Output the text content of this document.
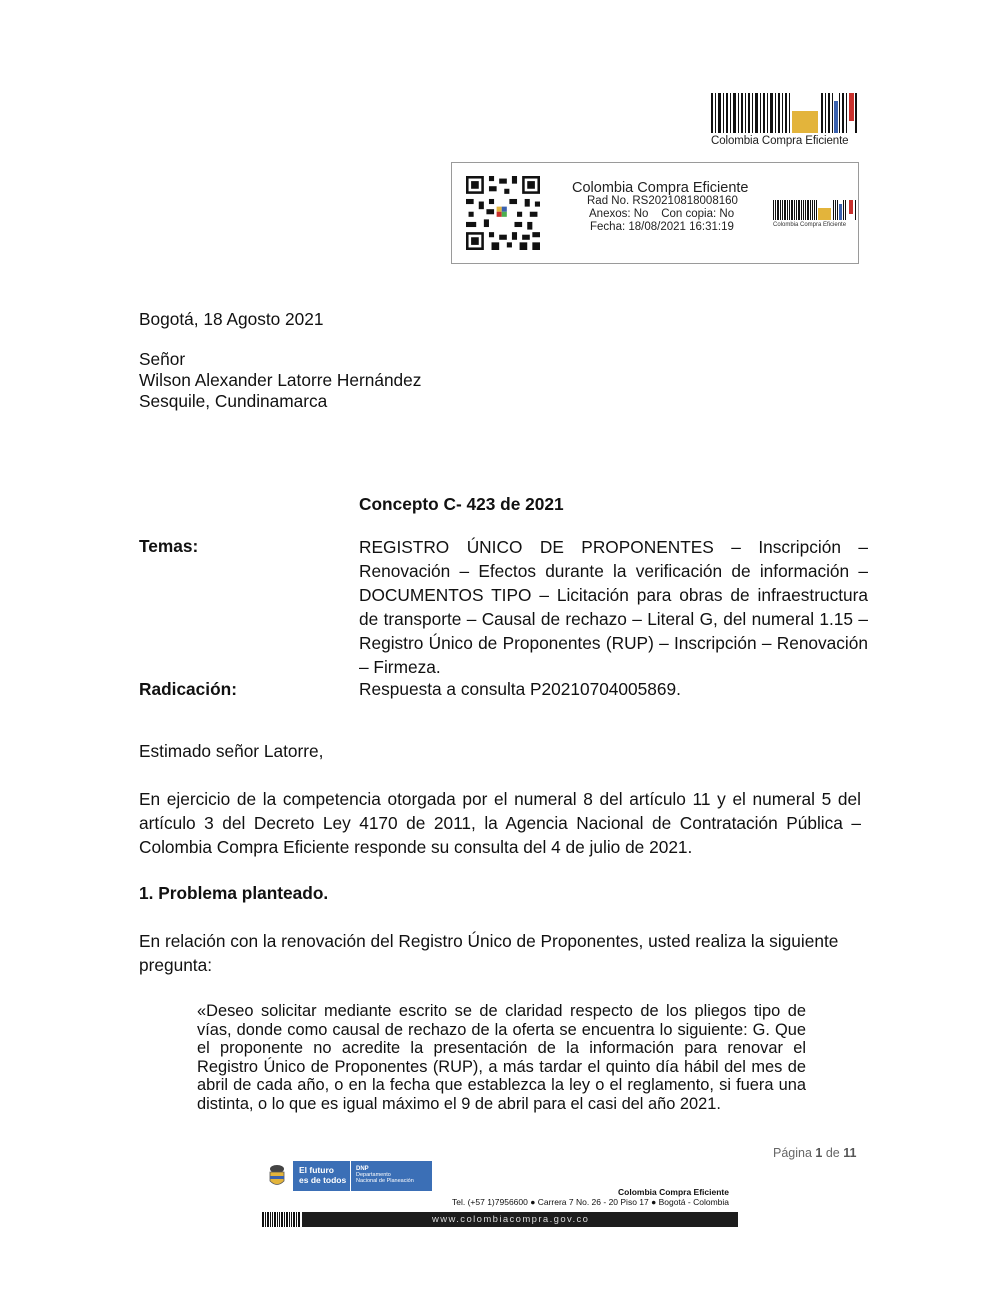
Colombia Compra Eficiente
Colombia Compra Eficiente
Rad No. RS20210818008160
Anexos: No    Con copia: No
Fecha: 18/08/2021 16:31:19	Colombia Compra Eficiente
Bogotá, 18 Agosto 2021
Señor
Wilson Alexander Latorre Hernández
Sesquile, Cundinamarca
Concepto C- 423 de 2021
Temas:	REGISTRO ÚNICO DE PROPONENTES – Inscripción – Renovación – Efectos durante la verificación de información – DOCUMENTOS TIPO – Licitación para obras de infraestructura de transporte – Causal de rechazo – Literal G, del numeral 1.15 – Registro Único de Proponentes (RUP) – Inscripción – Renovación – Firmeza.
Radicación:	Respuesta a consulta P20210704005869.
Estimado señor Latorre,
En ejercicio de la competencia otorgada por el numeral 8 del artículo 11 y el numeral 5 del artículo 3 del Decreto Ley 4170 de 2011, la Agencia Nacional de Contratación Pública – Colombia Compra Eficiente responde su consulta del 4 de julio de 2021.
1. Problema planteado.
En relación con la renovación del Registro Único de Proponentes, usted realiza la siguiente pregunta:
«Deseo solicitar mediante escrito se de claridad respecto de los pliegos tipo de vías, donde como causal de rechazo de la oferta se encuentra lo siguiente: G. Que el proponente no acredite la presentación de la información para renovar el Registro Único de Proponentes (RUP), a más tardar el quinto día hábil del mes de abril de cada año, o en la fecha que establezca la ley o el reglamento, si fuera una distinta, o lo que es igual máximo el 9 de abril para el casi del año 2021.
Página 1 de 11
El futuro
es de todos
DNP
Departamento
Nacional de Planeación
Colombia Compra Eficiente
Tel. (+57 1)7956600 ● Carrera 7 No. 26 - 20 Piso 17 ● Bogotá - Colombia
www.colombiacompra.gov.co
